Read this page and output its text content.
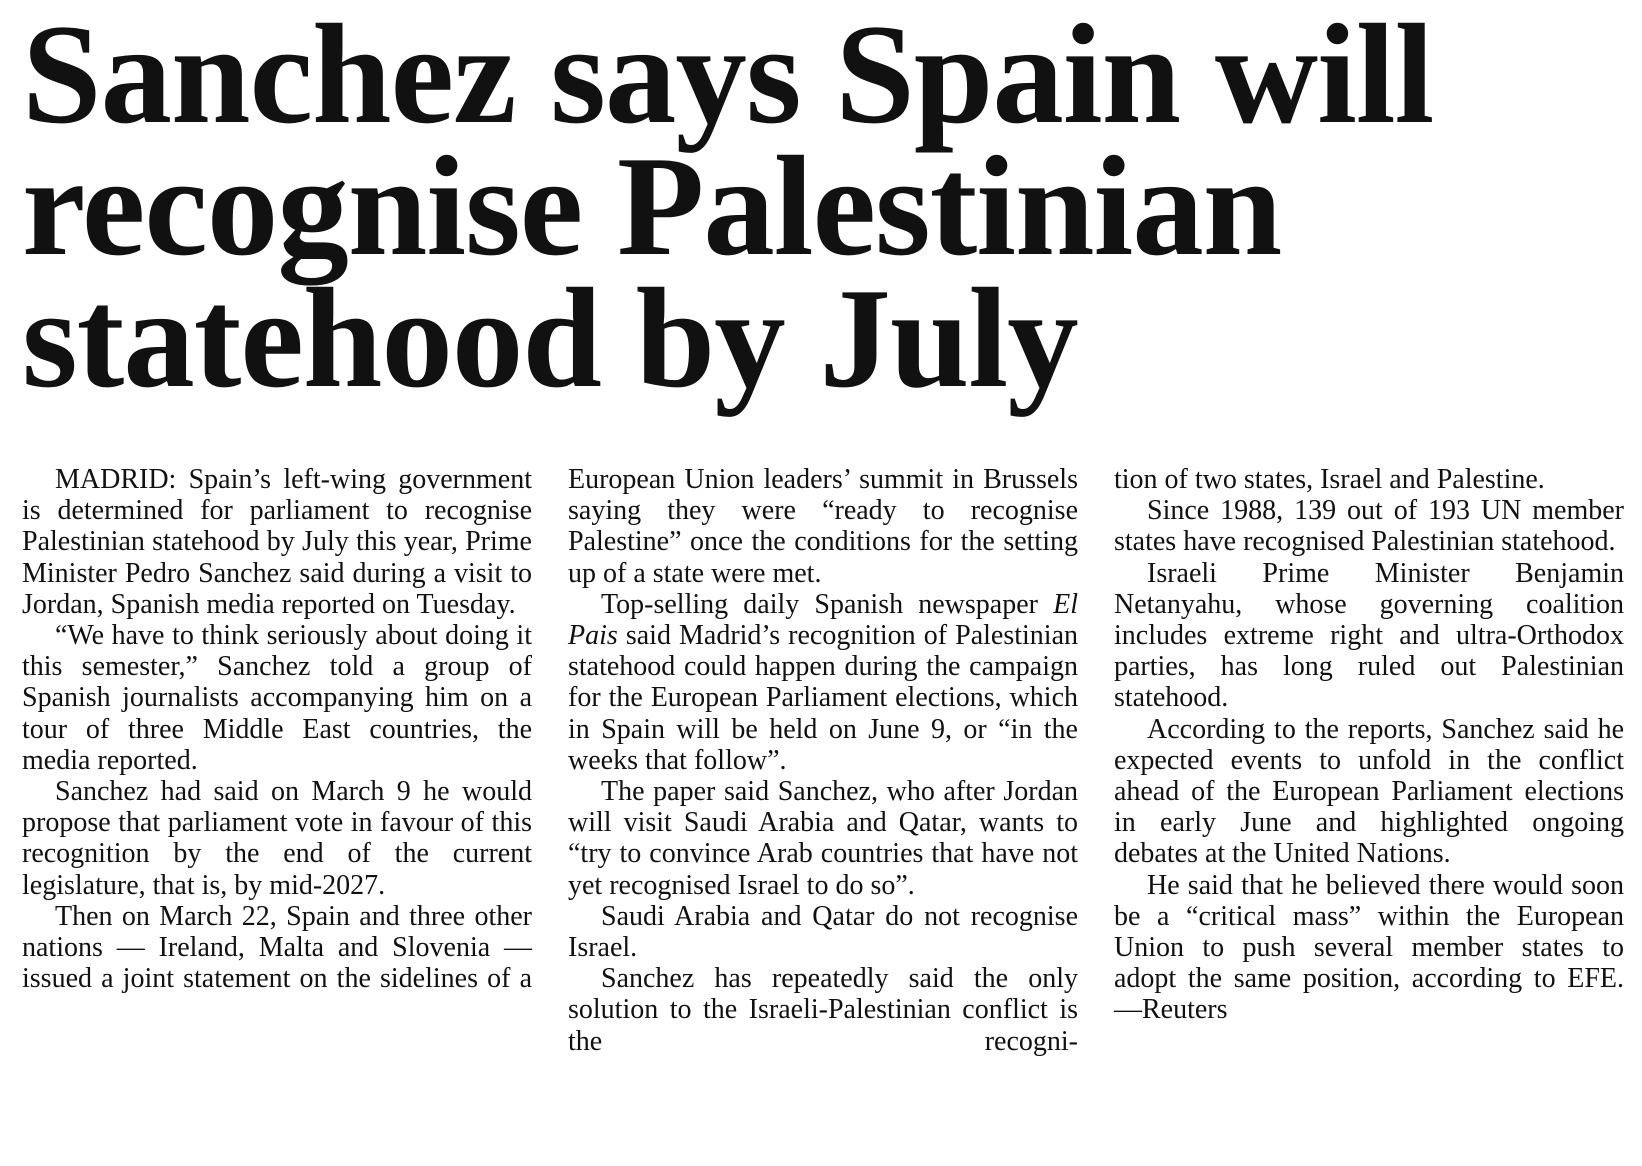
Sanchez says Spain will
recognise Palestinian
statehood by July

MADRID: Spain’s left-wing government is determined for parliament to recognise Palestinian statehood by July this year, Prime Minister Pedro Sanchez said during a visit to Jordan, Spanish media reported on Tuesday.

“We have to think seriously about doing it this semester,” Sanchez told a group of Spanish journalists accompanying him on a tour of three Middle East countries, the media reported.

Sanchez had said on March 9 he would propose that parliament vote in favour of this recognition by the end of the current legislature, that is, by mid-2027.

Then on March 22, Spain and three other nations — Ireland, Malta and Slovenia — issued a joint statement on the sidelines of a

European Union leaders’ summit in Brussels saying they were “ready to recognise Palestine” once the conditions for the setting up of a state were met.

Top-selling daily Spanish newspaper El Pais said Madrid’s recognition of Palestinian statehood could happen during the campaign for the European Parliament elections, which in Spain will be held on June 9, or “in the weeks that follow”.

The paper said Sanchez, who after Jordan will visit Saudi Arabia and Qatar, wants to “try to convince Arab countries that have not yet recognised Israel to do so”.

Saudi Arabia and Qatar do not recognise Israel.

Sanchez has repeatedly said the only solution to the Israeli-Palestinian conflict is the recogni-

tion of two states, Israel and Palestine.

Since 1988, 139 out of 193 UN member states have recognised Palestinian statehood.

Israeli Prime Minister Benjamin Netanyahu, whose governing coalition includes extreme right and ultra-Orthodox parties, has long ruled out Palestinian statehood.

According to the reports, Sanchez said he expected events to unfold in the conflict ahead of the European Parliament elections in early June and highlighted ongoing debates at the United Nations.

He said that he believed there would soon be a “critical mass” within the European Union to push several member states to adopt the same position, according to EFE.—Reuters
